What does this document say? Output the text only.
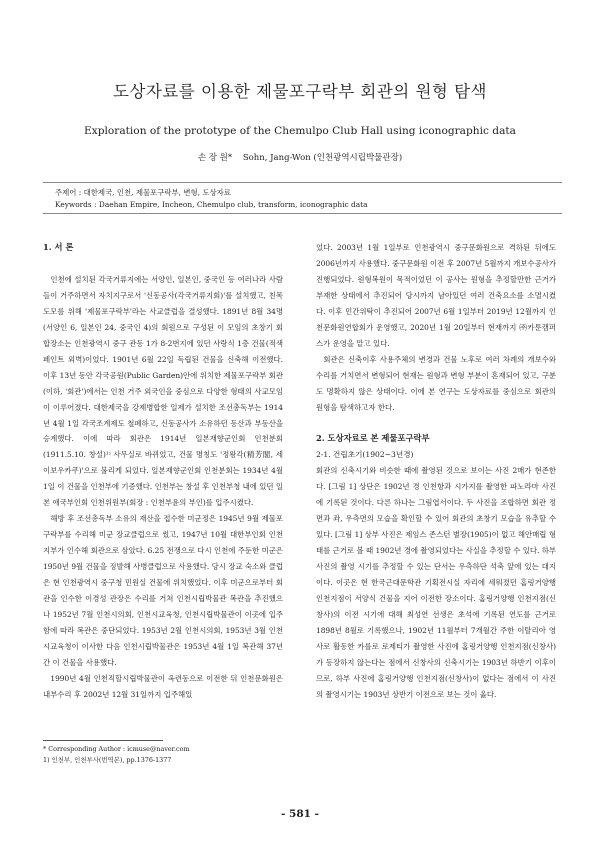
도상자료를 이용한 제물포구락부 회관의 원형 탐색
Exploration of the prototype of the Chemulpo Club Hall using iconographic data
손 장 원* Sohn, Jang-Won (인천광역시립박물관장)
주제어 : 대한제국, 인천, 제물포구락부, 변형, 도상자료
Keywords : Daehan Empire, Incheon, Chemulpo club, transform, iconographic data
1. 서 론

인천에 설치된 각국거류지에는 서양인, 일본인, 중국인 등 여러나라 사람들이 거주하면서 자치지구로서 '신동공사(각국거류지회)'를 설치했고, 친목도모를 위해 '제물포구락부'라는 사교클럽을 결성했다. 1891년 8월 34명(서양인 6, 일본인 24, 중국인 4)의 회원으로 구성된 이 모임의 초창기 회합장소는 인천광역시 중구 관동 1가 8-2번지에 있던 사랑식 1층 건물(적색 페인트 외벽)이었다. 1901년 6월 22일 독립된 건물을 신축해 이전했다. 이후 13년 동안 각국공원(Public Garden)안에 위치한 제물포구락부 회관(이하, '회관')에서는 인천 거주 외국인을 중심으로 다양한 형태의 사교모임이 이루어졌다. 대한제국을 강제병합한 일제가 설치한 조선총독부는 1914년 4월 1일 각국조계제도 철폐하고, 신동공사가 소유하던 동산과 부동산을 승계했다. 이에 따라 회관은 1914년 일본재향군인회 인천분회(1911.5.10. 창설)¹⁾ 사무실로 바뀌었고, 건물 명칭도 '정왕각(精芳閣, 세이보우카쿠)'으로 불리게 되었다. 일본재향군인회 인천분회는 1934년 4월 1일 이 건물을 인천부에 기증했다. 인천부는 창설 후 인천부청 내에 있던 일본 애국부인회 인천위원부(회장 : 인천부윤의 부인)를 입주시켰다.

해방 후 조선총독부 소유의 재산을 접수한 미군정은 1945년 9월 제물포구락부를 수리해 미군 장교클럽으로 썼고, 1947년 10월 대한부인회 인천지부가 인수해 회관으로 삼았다. 6.25 전쟁으로 다시 인천에 주둔한 미군은 1950년 9월 건물을 징발해 사병클럽으로 사용했다. 당시 장교 숙소와 클럽은 현 인천광역시 중구청 민원실 건물에 위치했었다. 이후 미군으로부터 회관을 인수한 이경성 관장은 수리를 거쳐 인천시립박물관 복관을 추진했으나 1952년 7월 인천시의회, 인천시교육청, 인천시립박물관이 이곳에 입주함에 따라 복관은 중단되었다. 1953년 2월 인천시의회, 1953년 3월 인천시교육청이 이사한 다음 인천시립박물관은 1953년 4월 1일 복관해 37년간 이 건물을 사용했다.

1990년 4월 인천직할시립박물관이 옥련동으로 이전한 뒤 인천문화원은 내부수리 후 2002년 12월 31일까지 입주해있

었다. 2003년 1월 1일부로 인천광역시 중구문화원으로 격하된 뒤에도 2006년까지 사용했다. 중구문화원 이전 후 2007년 5월까지 개보수공사가 진행되었다. 원형복원이 목적이었던 이 공사는 원형을 추정할만한 근거가 부재한 상태에서 추진되어 당시까지 남아있던 여러 건축요소를 소멸시켰다. 이후 민간위탁이 추진되어 2007년 6월 1일부터 2019년 12월까지 인천문화원연합회가 운영했고, 2020년 1월 20일부터 현재까지 ㈜카툰캠퍼스가 운영을 맡고 있다.

회관은 신축이후 사용주체의 변경과 건물 노후로 여러 차례의 개보수와 수리를 거치면서 변형되어 현재는 원형과 변형 부분이 혼재되어 있고, 구분도 명확하지 않은 상태이다. 이에 본 연구는 도상자료를 중심으로 회관의 원형을 탐색하고자 한다.

2. 도상자료로 본 제물포구락부
2-1. 건립초기(1902~3년경)

회관의 신축시기와 비슷한 때에 촬영된 것으로 보이는 사진 2매가 현존한다. [그림 1] 상단은 1902년 경 인천항과 시가지를 촬영한 파노라마 사진에 기록된 것이다. 다른 하나는 그림엽서이다. 두 사진을 조합하면 회관 정면과 좌, 우측면의 모습을 확인할 수 있어 회관의 초창기 모습을 유추할 수 있다. [그림 1] 상부 사진은 제임스 존스턴 별장(1905)이 없고 해안매립 형태를 근거로 볼 때 1902년 경에 촬영되었다는 사실을 추정할 수 있다. 하부 사진의 촬영 시기를 추정할 수 있는 단서는 우측하단 석축 앞에 있는 대지이다. 이곳은 현 한국근대문학관 기획전시실 자리에 세워졌던 홈링거양행 인천지점이 서양식 건물을 지어 이전한 장소이다. 홈링거양행 인천지점(신창사)의 이전 시기에 대해 최성연 선생은 초석에 기록된 연도를 근거로 1898년 8월로 기록했으나, 1902년 11월부터 7개월간 주한 이탈리아 영사로 활동한 카를로 로제티가 촬영한 사진에 홈링거양행 인천지점(신창사)가 등장하지 않는다는 점에서 신창사의 신축시기는 1903년 하반기 이후이므로, 하부 사진에 홈링거양행 인천지점(신창사)이 없다는 점에서 이 사진의 촬영시기는 1903년 상반기 이전으로 보는 것이 옳다.

* Corresponding Author : icmuse@naver.com
1) 인천부, 인천부사(번역본), pp.1376-1377
- 581 -
